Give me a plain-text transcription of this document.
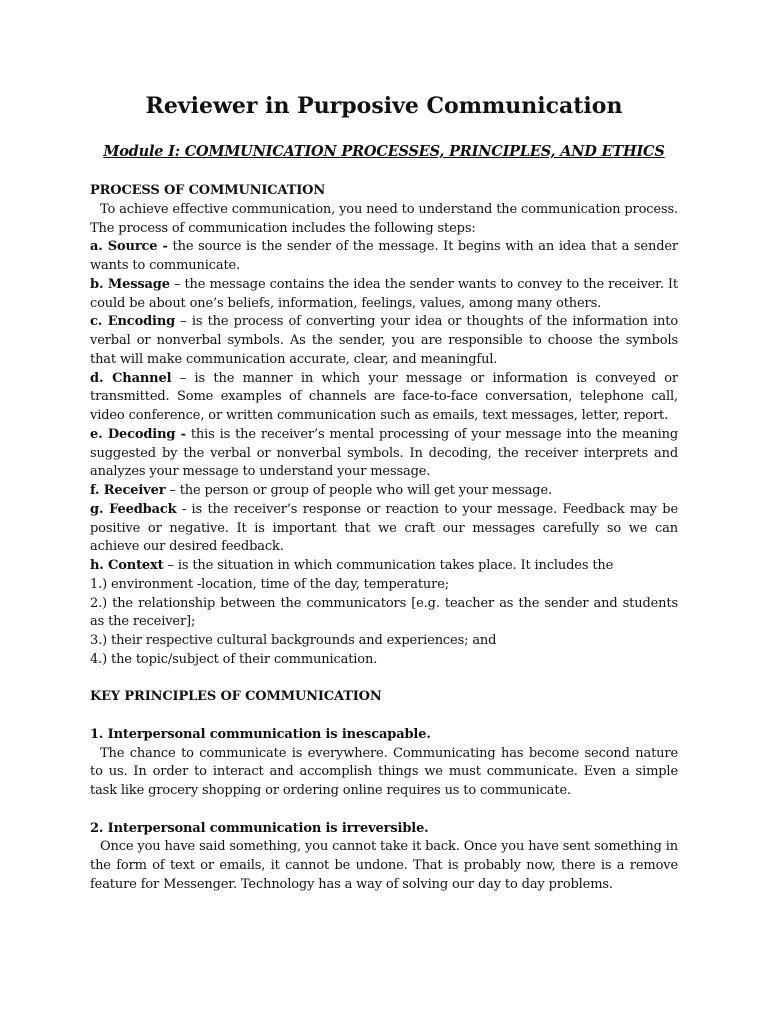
Reviewer in Purposive Communication
Module I: COMMUNICATION PROCESSES, PRINCIPLES, AND ETHICS

PROCESS OF COMMUNICATION

To achieve effective communication, you need to understand the communication process. The process of communication includes the following steps:

a. Source - the source is the sender of the message. It begins with an idea that a sender wants to communicate.

b. Message – the message contains the idea the sender wants to convey to the receiver. It could be about one’s beliefs, information, feelings, values, among many others.

c. Encoding – is the process of converting your idea or thoughts of the information into verbal or nonverbal symbols. As the sender, you are responsible to choose the symbols that will make communication accurate, clear, and meaningful.

d. Channel – is the manner in which your message or information is conveyed or transmitted. Some examples of channels are face-to-face conversation, telephone call, video conference, or written communication such as emails, text messages, letter, report.

e. Decoding - this is the receiver’s mental processing of your message into the meaning suggested by the verbal or nonverbal symbols. In decoding, the receiver interprets and analyzes your message to understand your message.

f. Receiver – the person or group of people who will get your message.

g. Feedback - is the receiver’s response or reaction to your message. Feedback may be positive or negative. It is important that we craft our messages carefully so we can achieve our desired feedback.

h. Context – is the situation in which communication takes place. It includes the

1.) environment -location, time of the day, temperature;

2.) the relationship between the communicators [e.g. teacher as the sender and students as the receiver];

3.) their respective cultural backgrounds and experiences; and

4.) the topic/subject of their communication.

KEY PRINCIPLES OF COMMUNICATION

1. Interpersonal communication is inescapable.

The chance to communicate is everywhere. Communicating has become second nature to us. In order to interact and accomplish things we must communicate. Even a simple task like grocery shopping or ordering online requires us to communicate.

2. Interpersonal communication is irreversible.

Once you have said something, you cannot take it back. Once you have sent something in the form of text or emails, it cannot be undone. That is probably now, there is a remove feature for Messenger. Technology has a way of solving our day to day problems.
